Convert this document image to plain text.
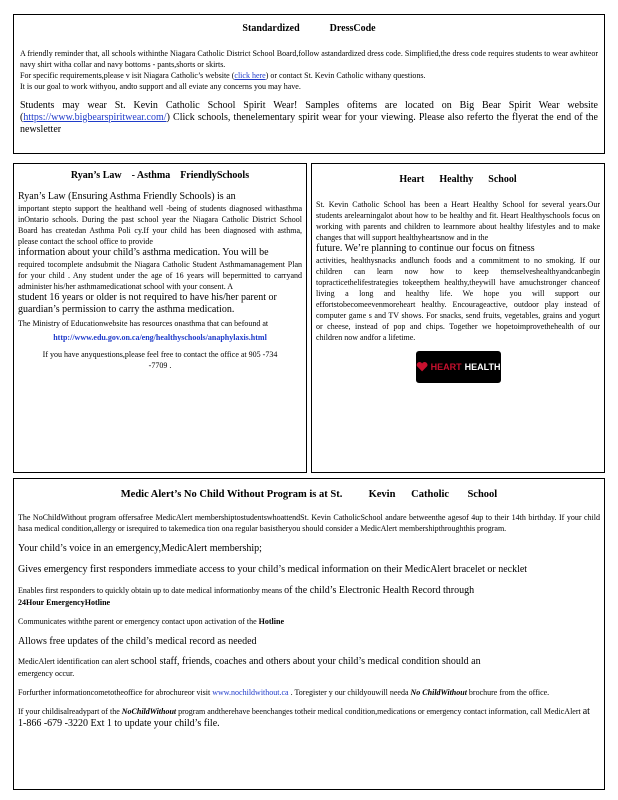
Standardized            DressCode

A friendly reminder that, all schools withinthe Niagara Catholic District School Board,follow astandardized dress code. Simplified,the dress code requires students to wear awhiteor navy shirt witha collar and navy bottoms - pants,shorts or skirts.

For specific requirements,please v isit Niagara Catholic’s website (click here) or contact St. Kevin Catholic withany questions.

It is our goal to work withyou, andto support and all eviate any concerns you may have.

Students may wear St. Kevin Catholic School Spirit Wear! Samples ofitems are located on Big Bear Spirit Wear website (https://www.bigbearspiritwear.com/) Click schools, thenelementary spirit wear for your viewing. Please also referto the flyerat the end of the newsletter

Ryan’s Law    - Asthma    FriendlySchools

Ryan’s Law (Ensuring Asthma Friendly Schools) is an

important stepto support the healthand well -being of students diagnosed withasthma inOntario schools. During the past school year the Niagara Catholic District School Board has createdan Asthma Poli cy.If your child has been diagnosed with asthma, please contact the school office to provide

information about your child’s asthma medication. You will be

required tocomplete andsubmit the Niagara Catholic Student Asthmamanagement Plan for your child . Any student under the age of 16 years will bepermitted to carryand administer his/her asthmamedicationat school with your consent. A

student 16 years or older is not required to have his/her parent or guardian’s permission to carry the asthma medication.

The Ministry of Educationwebsite has resources onasthma that can befound at

http://www.edu.gov.on.ca/eng/healthyschools/anaphylaxis.html

If you have anyquestions,please feel free to contact the office at 905 -734 -7709 .

Heart      Healthy      School

St. Kevin Catholic School has been a Heart Healthy School for several years.Our students arelearningalot about how to be healthy and fit. Heart Healthyschools focus on working with parents and children to learnmore about healthy lifestyles and to make changes that will support healthyheartsnow and in the

future. We’re planning to continue our focus on fitness

activities, healthysnacks andlunch foods and a commitment to no smoking. If our children can learn now how to keep themselveshealthyandcanbegin topracticethelifestrategies tokeepthem healthy,theywill have amuchstronger chanceof living a long and healthy life. We hope you will support our effortstobecomeevenmoreheart healthy. Encourageactive, outdoor play instead of computer game s and TV shows. For snacks, send fruits, vegetables, grains and yogurt or cheese, instead of pop and chips. Together we hopetoimprovethehealth of our children now andfor a lifetime.

HEART HEALTH
Medic Alert’s No Child Without Program is at St.          Kevin      Catholic       School

The NoChildWithout program offersafree MedicAlert membershiptostudentswhoattendSt. Kevin CatholicSchool andare betweenthe agesof 4up to their 14th birthday. If your child hasa medical condition,allergy or isrequired to takemedica tion ona regular basistheryou should consider a MedicAlert membershipthroughthis program.

Your child’s voice in an emergency,MedicAlert membership;

Gives emergency first responders immediate access to your child’s medical information on their MedicAlert bracelet or necklet

Enables first responders to quickly obtain up to date medical informationby means of the child’s Electronic Health Record through

24Hour EmergencyHotline

Communicates withthe parent or emergency contact upon activation of the Hotline

Allows free updates of the child’s medical record as needed

MedicAlert identification can alert school staff, friends, coaches and others about your child’s medical condition should an
emergency occur.

Forfurther informationcometotheoffice for abrochureor visit www.nochildwithout.ca . Toregister y our childyouwill needa No ChildWithout brochure from the office.

If your childisalreadypart of the NoChildWithout program andtherehave beenchanges totheir medical condition,medications or emergency contact information, call MedicAlert at 1-866 -679 -3220 Ext 1 to update your child’s file.
